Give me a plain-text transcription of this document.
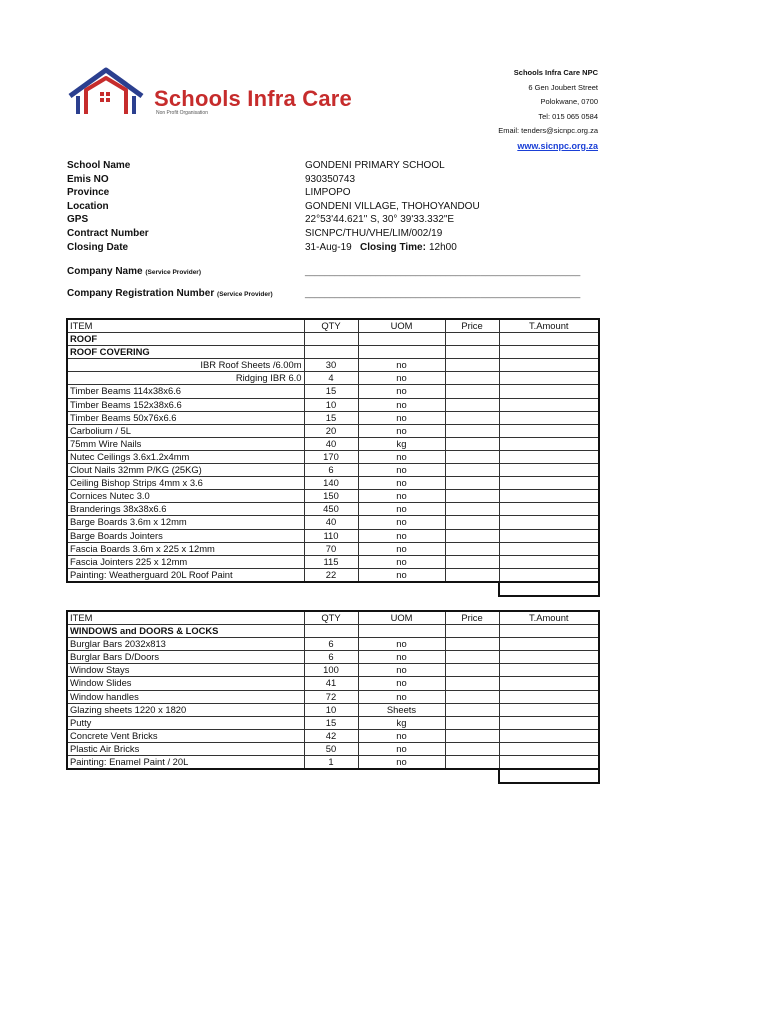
Schools Infra Care
Non Profit Organisation
Schools Infra Care NPC
6 Gen Joubert Street
Polokwane, 0700
Tel: 015 065 0584
Email: tenders@sicnpc.org.za
www.sicnpc.org.za
School Name	GONDENI PRIMARY SCHOOL
Emis NO	930350743
Province	LIMPOPO
Location	GONDENI VILLAGE, THOHOYANDOU
GPS	22°53'44.621" S, 30° 39'33.332"E
Contract Number	SICNPC/THU/VHE/LIM/002/19
Closing Date	31-Aug-19 Closing Time: 12h00
Company Name (Service Provider)	_______________________________________________________
Company Registration Number (Service Provider)	_______________________________________________________
ITEM	QTY	UOM	Price	T.Amount
ROOF				
ROOF COVERING				
IBR Roof Sheets /6.00m	30	no		
Ridging IBR 6.0	4	no		
Timber Beams 114x38x6.6	15	no		
Timber Beams 152x38x6.6	10	no		
Timber Beams 50x76x6.6	15	no		
Carbolium / 5L	20	no		
75mm Wire Nails	40	kg		
Nutec Ceilings 3.6x1.2x4mm	170	no		
Clout Nails 32mm P/KG (25KG)	6	no		
Ceiling Bishop Strips 4mm x 3.6	140	no		
Cornices Nutec 3.0	150	no		
Branderings 38x38x6.6	450	no		
Barge Boards 3.6m x 12mm	40	no		
Barge Boards Jointers	110	no		
Fascia Boards 3.6m x 225 x 12mm	70	no		
Fascia Jointers 225 x 12mm	115	no		
Painting: Weatherguard 20L Roof Paint	22	no		

ITEM	QTY	UOM	Price	T.Amount
WINDOWS and DOORS & LOCKS				
Burglar Bars 2032x813	6	no		
Burglar Bars D/Doors	6	no		
Window Stays	100	no		
Window Slides	41	no		
Window handles	72	no		
Glazing sheets 1220 x 1820	10	Sheets		
Putty	15	kg		
Concrete Vent Bricks	42	no		
Plastic Air Bricks	50	no		
Painting: Enamel Paint / 20L	1	no		
